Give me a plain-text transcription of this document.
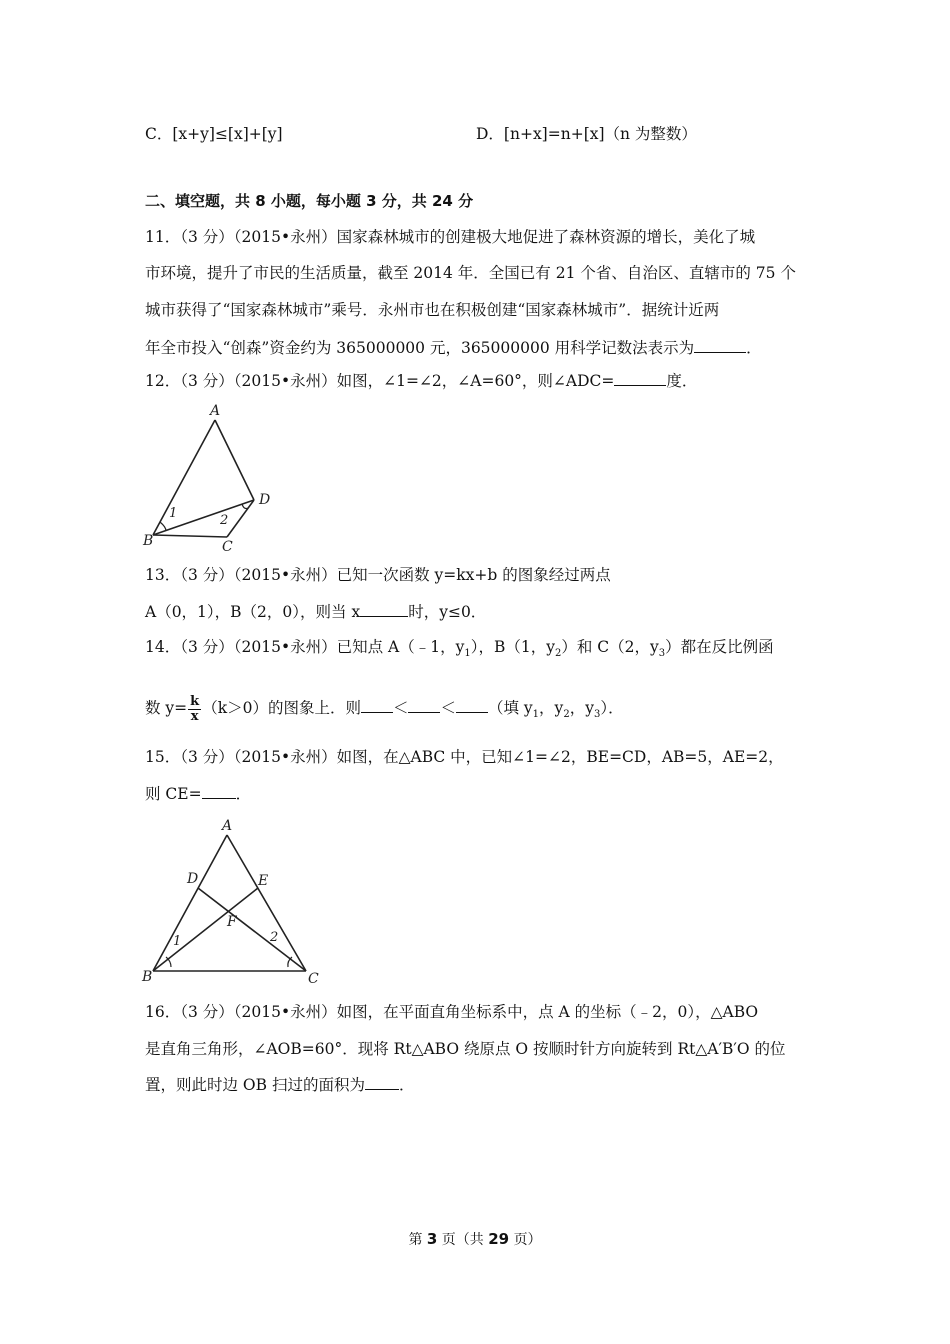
C．[x+y]≤[x]+[y]	D．[n+x]=n+[x]（n 为整数）
二、填空题，共 8 小题，每小题 3 分，共 24 分
11．（3 分）（2015•永州）国家森林城市的创建极大地促进了森林资源的增长，美化了城
市环境，提升了市民的生活质量，截至 2014 年．全国已有 21 个省、自治区、直辖市的 75 个
城市获得了“国家森林城市”乘号．永州市也在积极创建“国家森林城市”．据统计近两
年全市投入“创森”资金约为 365000000 元，365000000 用科学记数法表示为	．
12．（3 分）（2015•永州）如图，∠1=∠2，∠A=60°，则∠ADC=	度．
A
B	C
D
1	2
13．（3 分）（2015•永州）已知一次函数 y=kx+b 的图象经过两点
A（0，1），B（2，0），则当 x	时，y≤0．
14．（3 分）（2015•永州）已知点 A（﹣1，$y_1$），B（1，$y_2$）和 C（2，$y_3$）都在反比例函
数 $y= \frac{k}{x} (k>0)$的图象上．则 ＜ ＜ （填 $y_1$，$y_2$，$y_3$）．
15．（3 分）（2015•永州）如图，在△ABC 中，已知∠1=∠2，BE=CD，AB=5，AE=2，
则 CE= ．
A
B	C
D	E
F
1	2
16．（3 分）（2015•永州）如图，在平面直角坐标系中，点 A 的坐标（﹣2，0），△ABO
是直角三角形，∠AOB=60°．现将 Rt△ABO 绕原点 O 按顺时针方向旋转到 Rt△A′B′O 的位
置，则此时边 OB 扫过的面积为 ．
第 3 页（共 29 页）
